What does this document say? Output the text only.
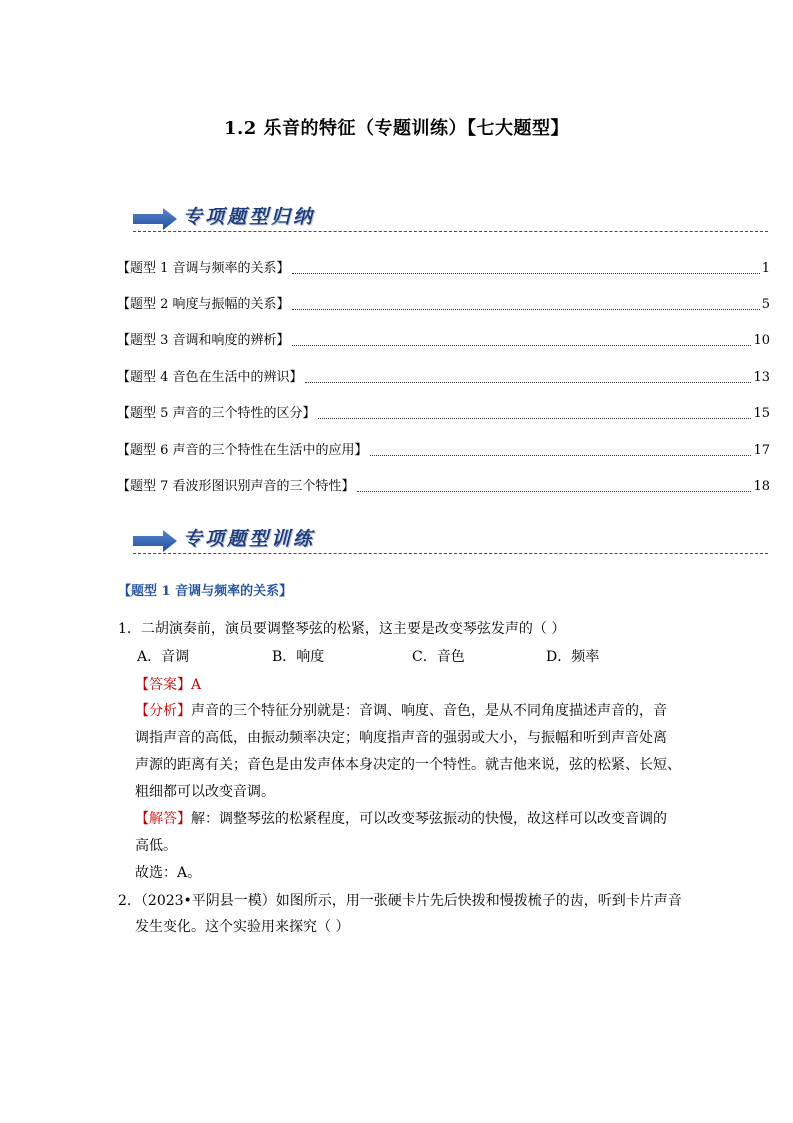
1.2 乐音的特征（专题训练）【七大题型】
专项题型归纳
【题型 1 音调与频率的关系】	1
【题型 2 响度与振幅的关系】	5
【题型 3 音调和响度的辨析】	10
【题型 4 音色在生活中的辨识】	13
【题型 5 声音的三个特性的区分】	15
【题型 6 声音的三个特性在生活中的应用】	17
【题型 7 看波形图识别声音的三个特性】	18
专项题型训练
【题型 1 音调与频率的关系】
1．二胡演奏前，演员要调整琴弦的松紧，这主要是改变琴弦发声的（ ）
A．音调	B．响度	C．音色	D．频率
【答案】A
【分析】声音的三个特征分别就是：音调、响度、音色，是从不同角度描述声音的，音
调指声音的高低，由振动频率决定；响度指声音的强弱或大小，与振幅和听到声音处离
声源的距离有关；音色是由发声体本身决定的一个特性。就吉他来说，弦的松紧、长短、
粗细都可以改变音调。
【解答】解：调整琴弦的松紧程度，可以改变琴弦振动的快慢，故这样可以改变音调的
高低。
故选：A。
2．（2023•平阴县一模）如图所示，用一张硬卡片先后快拨和慢拨梳子的齿，听到卡片声音
发生变化。这个实验用来探究（ ）
